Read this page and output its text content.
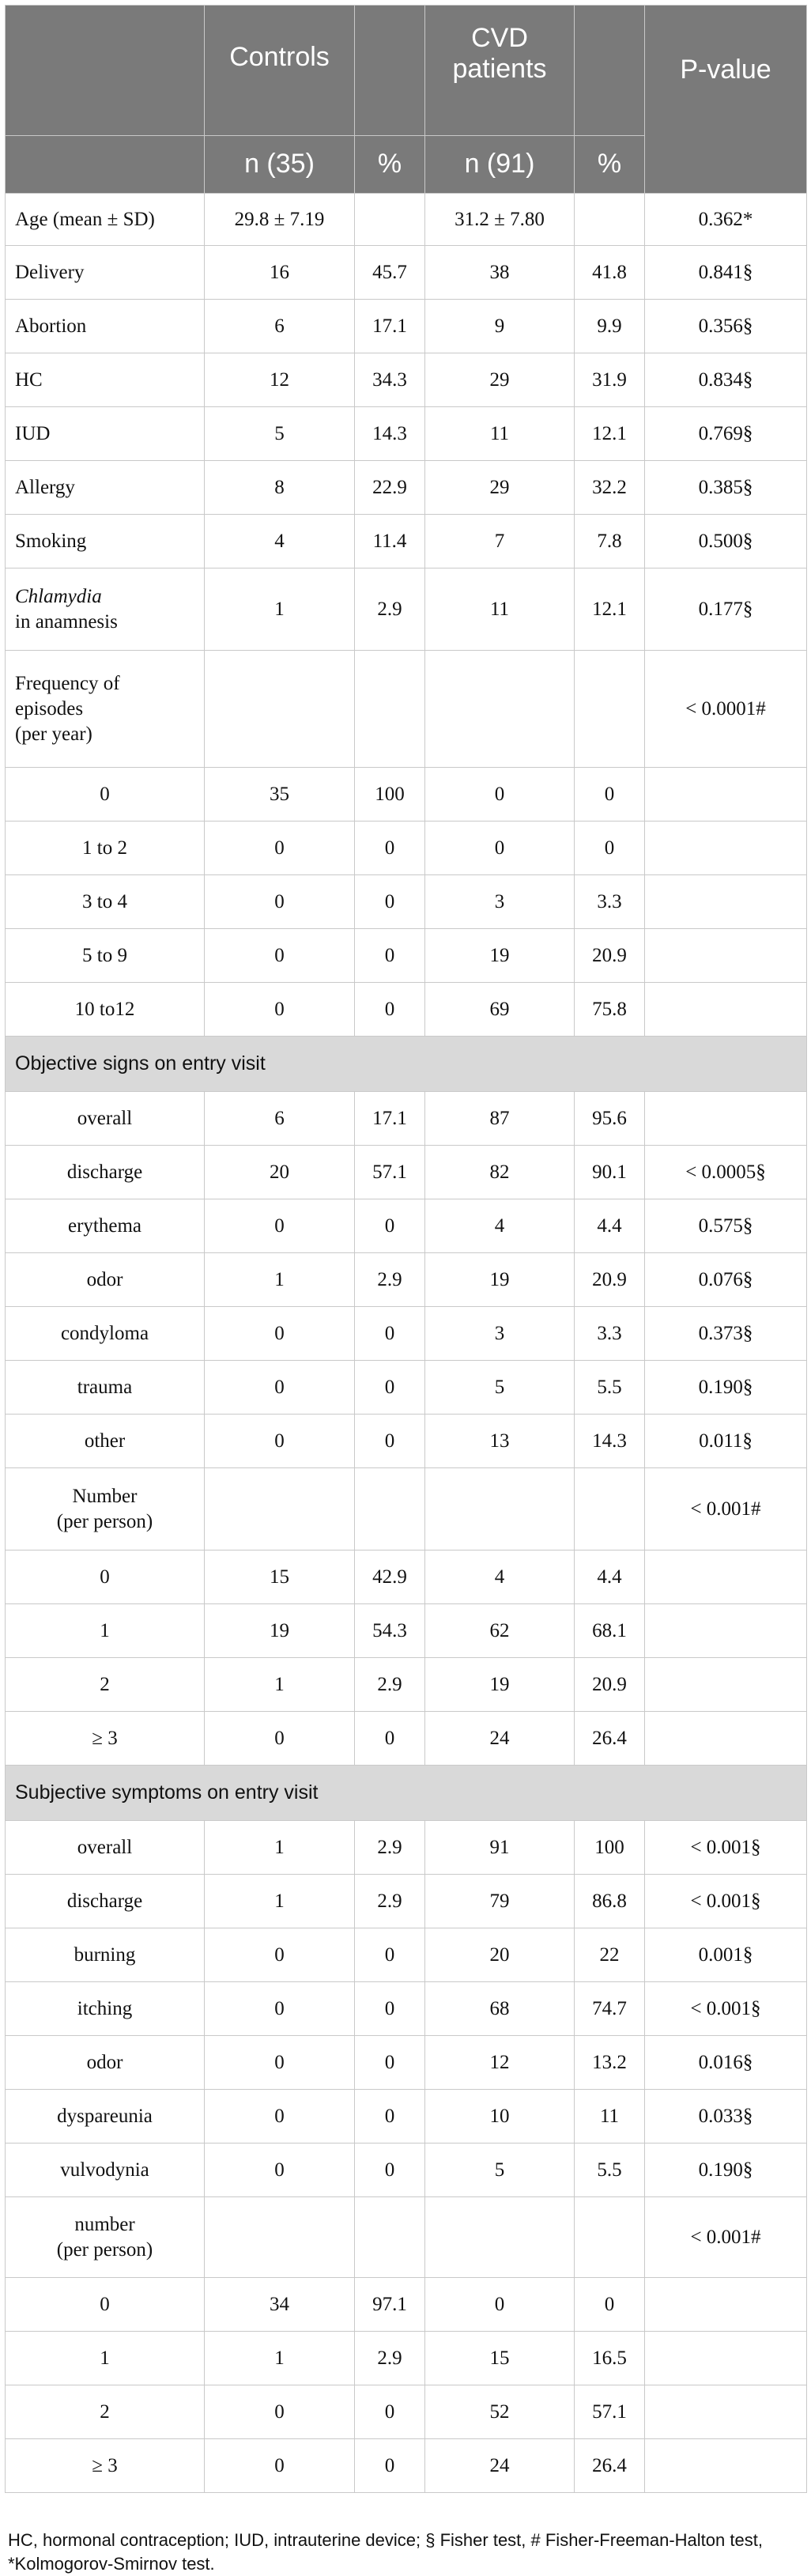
	Controls		CVD patients		P-value
	n (35)	%	n (91)	%	
Age (mean ± SD)	29.8 ± 7.19		31.2 ± 7.80		0.362*
Delivery	16	45.7	38	41.8	0.841§
Abortion	6	17.1	9	9.9	0.356§
HC	12	34.3	29	31.9	0.834§
IUD	5	14.3	11	12.1	0.769§
Allergy	8	22.9	29	32.2	0.385§
Smoking	4	11.4	7	7.8	0.500§
Chlamydia
in anamnesis	1	2.9	11	12.1	0.177§
Frequency of
episodes
(per year)					< 0.0001#
0	35	100	0	0	
1 to 2	0	0	0	0	
3 to 4	0	0	3	3.3	
5 to 9	0	0	19	20.9	
10 to12	0	0	69	75.8	
Objective signs on entry visit					
overall	6	17.1	87	95.6	
discharge	20	57.1	82	90.1	< 0.0005§
erythema	0	0	4	4.4	0.575§
odor	1	2.9	19	20.9	0.076§
condyloma	0	0	3	3.3	0.373§
trauma	0	0	5	5.5	0.190§
other	0	0	13	14.3	0.011§
Number
(per person)					< 0.001#
0	15	42.9	4	4.4	
1	19	54.3	62	68.1	
2	1	2.9	19	20.9	
≥ 3	0	0	24	26.4	
Subjective symptoms on entry visit					
overall	1	2.9	91	100	< 0.001§
discharge	1	2.9	79	86.8	< 0.001§
burning	0	0	20	22	0.001§
itching	0	0	68	74.7	< 0.001§
odor	0	0	12	13.2	0.016§
dyspareunia	0	0	10	11	0.033§
vulvodynia	0	0	5	5.5	0.190§
number
(per person)					< 0.001#
0	34	97.1	0	0	
1	1	2.9	15	16.5	
2	0	0	52	57.1	
≥ 3	0	0	24	26.4	
HC, hormonal contraception; IUD, intrauterine device; § Fisher test, # Fisher-Freeman-Halton test, *Kolmogorov-Smirnov test.
